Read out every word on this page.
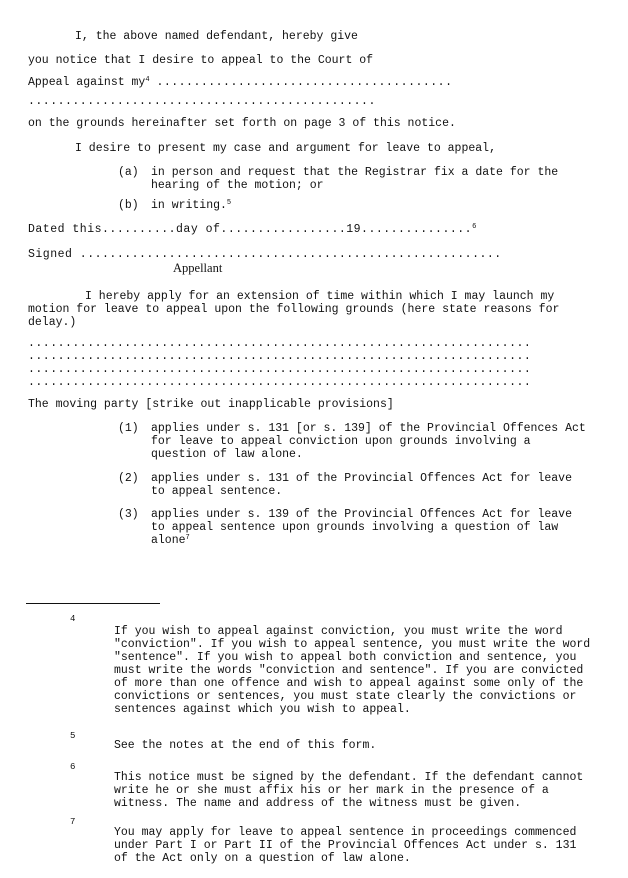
I, the above named defendant, hereby give
you notice that I desire to appeal to the Court of
Appeal against $my^4$ ........................................
...............................................
on the grounds hereinafter set forth on page 3 of this notice.
I desire to present my case and argument for leave to appeal,
(a) in person and request that the Registrar fix a date for the hearing of the motion; or
(b) in writing.$^5$
Dated this..........day of.................19...............$^6$
Signed .........................................................
Appellant
I hereby apply for an extension of time within which I may launch my motion for leave to appeal upon the following grounds (here state reasons for delay.)
....................................................................
....................................................................
....................................................................
....................................................................
The moving party [strike out inapplicable provisions]
(1) applies under s. 131 [or s. 139] of the Provincial Offences Act for leave to appeal conviction upon grounds involving a question of law alone.
(2) applies under s. 131 of the Provincial Offences Act for leave to appeal sentence.
(3) applies under s. 139 of the Provincial Offences Act for leave to appeal sentence upon grounds involving a question of law alone$^7$
4
If you wish to appeal against conviction, you must write the word "conviction". If you wish to appeal sentence, you must write the word "sentence". If you wish to appeal both conviction and sentence, you must write the words "conviction and sentence". If you are convicted of more than one offence and wish to appeal against some only of the convictions or sentences, you must state clearly the convictions or sentences against which you wish to appeal.
5
See the notes at the end of this form.
6
This notice must be signed by the defendant. If the defendant cannot write he or she must affix his or her mark in the presence of a witness. The name and address of the witness must be given.
7
You may apply for leave to appeal sentence in proceedings commenced under Part I or Part II of the Provincial Offences Act under s. 131 of the Act only on a question of law alone.
